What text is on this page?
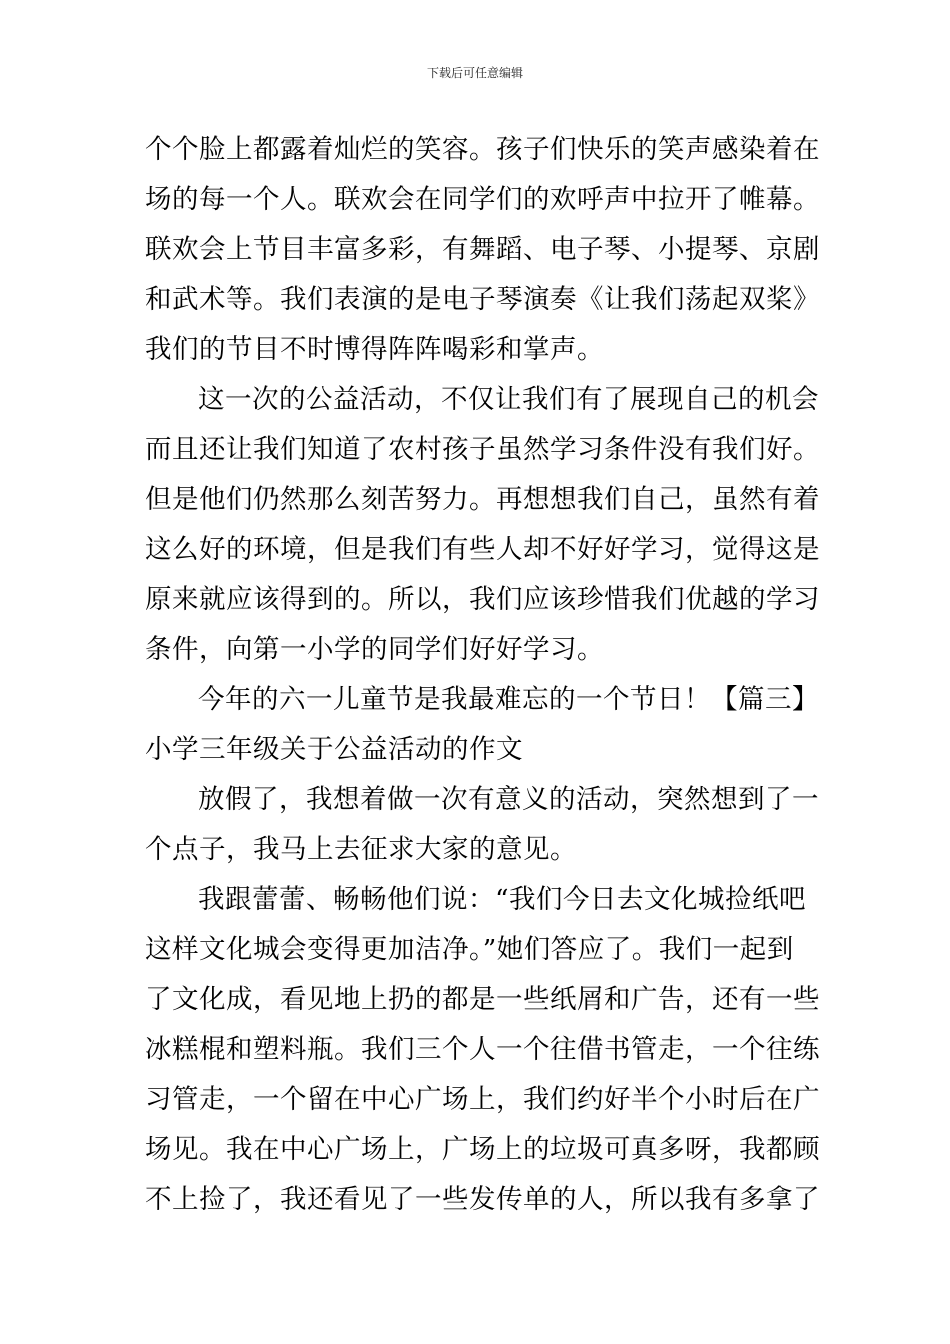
下载后可任意编辑
个个脸上都露着灿烂的笑容。孩子们快乐的笑声感染着在
场的每一个人。联欢会在同学们的欢呼声中拉开了帷幕。
联欢会上节目丰富多彩，有舞蹈、电子琴、小提琴、京剧
和武术等。我们表演的是电子琴演奏《让我们荡起双桨》
我们的节目不时博得阵阵喝彩和掌声。
这一次的公益活动，不仅让我们有了展现自己的机会
而且还让我们知道了农村孩子虽然学习条件没有我们好。
但是他们仍然那么刻苦努力。再想想我们自己，虽然有着
这么好的环境，但是我们有些人却不好好学习，觉得这是
原来就应该得到的。所以，我们应该珍惜我们优越的学习
条件，向第一小学的同学们好好学习。
今年的六一儿童节是我最难忘的一个节日！【篇三】
小学三年级关于公益活动的作文
放假了，我想着做一次有意义的活动，突然想到了一
个点子，我马上去征求大家的意见。
我跟蕾蕾、畅畅他们说：“我们今日去文化城捡纸吧
这样文化城会变得更加洁净。”她们答应了。我们一起到
了文化成，看见地上扔的都是一些纸屑和广告，还有一些
冰糕棍和塑料瓶。我们三个人一个往借书管走，一个往练
习管走，一个留在中心广场上，我们约好半个小时后在广
场见。我在中心广场上，广场上的垃圾可真多呀，我都顾
不上捡了，我还看见了一些发传单的人，所以我有多拿了
